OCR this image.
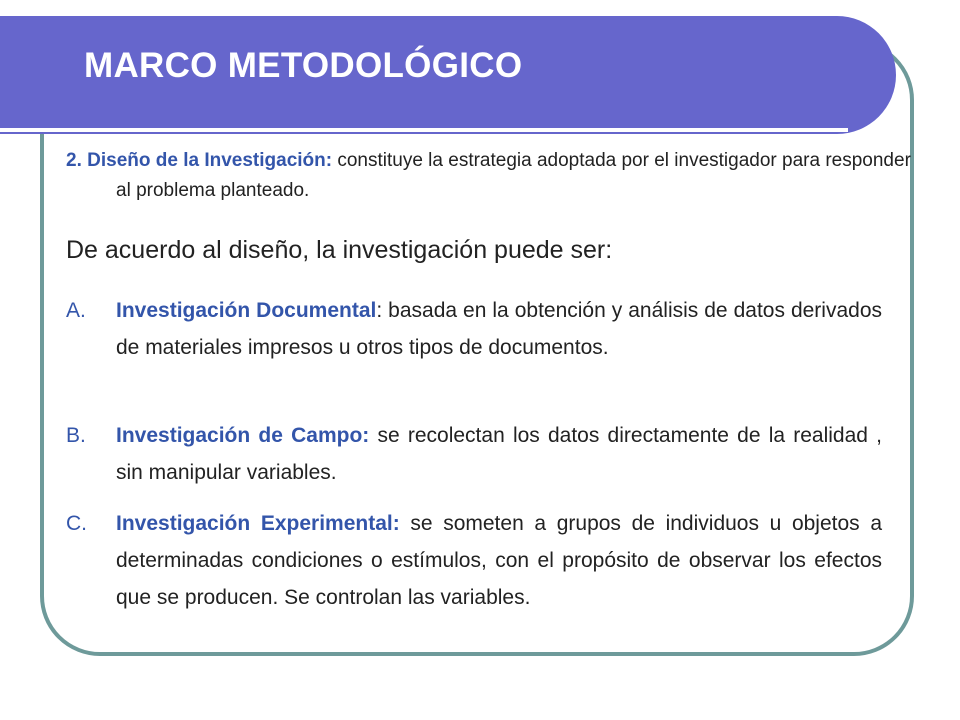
MARCO METODOLÓGICO

2. Diseño de la Investigación: constituye la estrategia adoptada por el investigador para responder al problema planteado.

De acuerdo al diseño, la investigación puede ser:

A. Investigación Documental: basada en la obtención y análisis de datos derivados de materiales impresos u otros tipos de documentos.
B. Investigación de Campo: se recolectan los datos directamente de la realidad , sin manipular variables.
C. Investigación Experimental: se someten a grupos de individuos u objetos a determinadas condiciones o estímulos, con el propósito de observar los efectos que se producen. Se controlan las variables.
